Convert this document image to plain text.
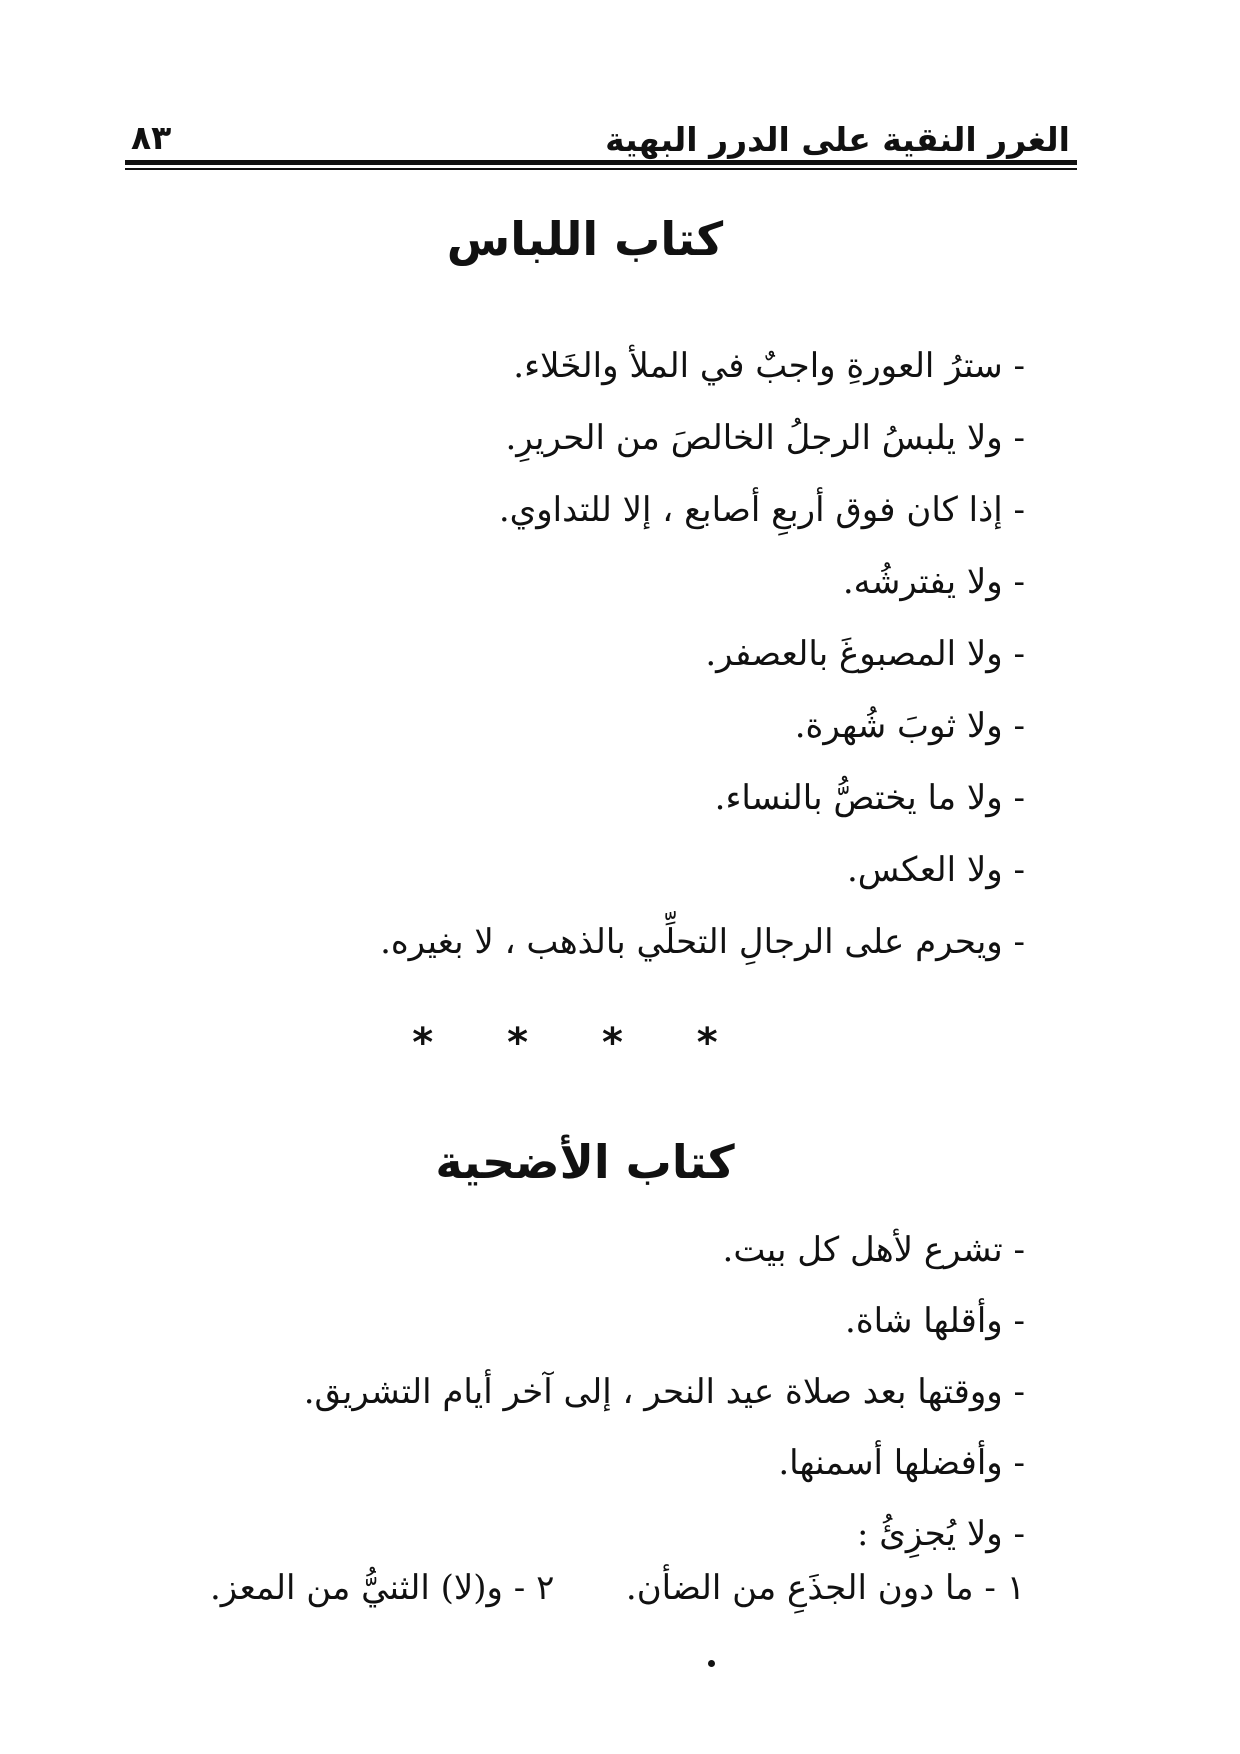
الغرر النقية على الدرر البهية
٨٣
كتاب اللباس
- سترُ العورةِ واجبٌ في الملأ والخَلاء.
- ولا يلبسُ الرجلُ الخالصَ من الحريرِ.
- إذا كان فوق أربعِ أصابع ، إلا للتداوي.
- ولا يفترشُه.
- ولا المصبوغَ بالعصفر.
- ولا ثوبَ شُهرة.
- ولا ما يختصُّ بالنساء.
- ولا العكس.
- ويحرم على الرجالِ التحلِّي بالذهب ، لا بغيره.
* * * *
كتاب الأضحية
- تشرع لأهل كل بيت.
- وأقلها شاة.
- ووقتها بعد صلاة عيد النحر ، إلى آخر أيام التشريق.
- وأفضلها أسمنها.
- ولا يُجزِئُ :
١ - ما دون الجذَعِ من الضأن.
٢ - و(لا) الثنيُّ من المعز.
